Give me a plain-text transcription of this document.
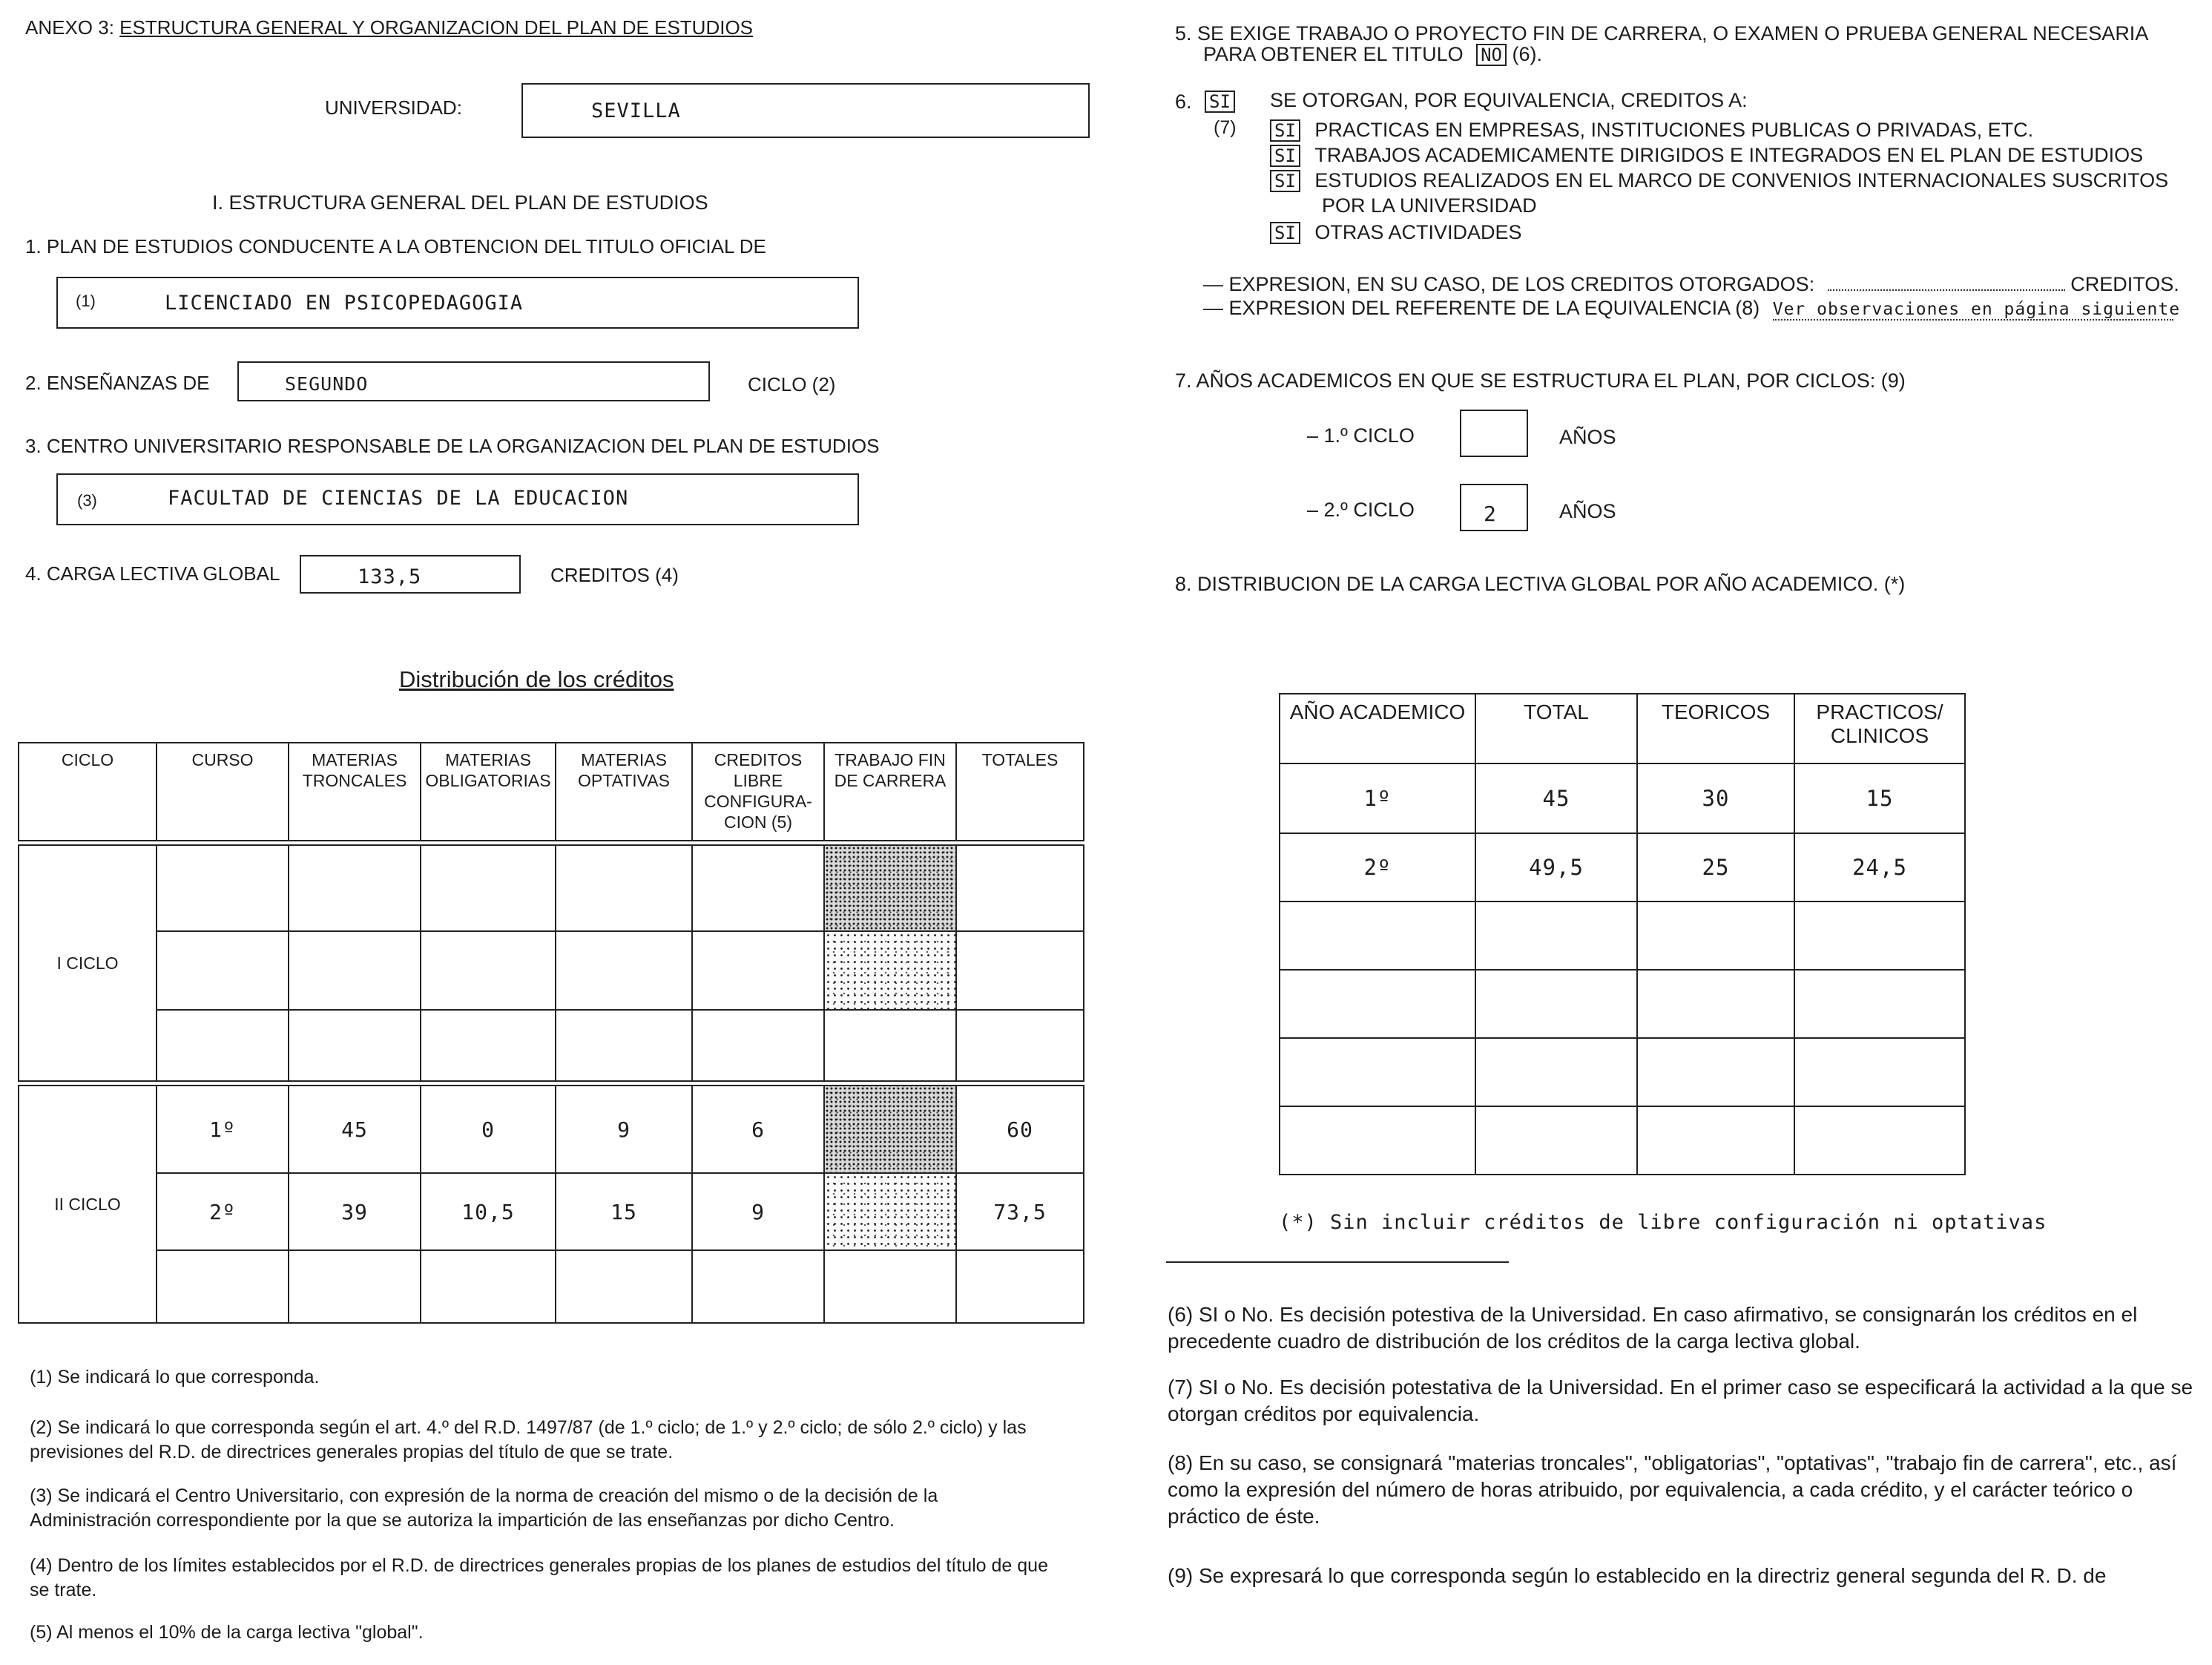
ANEXO 3: ESTRUCTURA GENERAL Y ORGANIZACION DEL PLAN DE ESTUDIOS
UNIVERSIDAD:	SEVILLA
I. ESTRUCTURA GENERAL DEL PLAN DE ESTUDIOS
1. PLAN DE ESTUDIOS CONDUCENTE A LA OBTENCION DEL TITULO OFICIAL DE
(1)	LICENCIADO EN PSICOPEDAGOGIA
2. ENSEÑANZAS DE	SEGUNDO	CICLO (2)
3. CENTRO UNIVERSITARIO RESPONSABLE DE LA ORGANIZACION DEL PLAN DE ESTUDIOS
(3)	FACULTAD DE CIENCIAS DE LA EDUCACION
4. CARGA LECTIVA GLOBAL	133,5	CREDITOS (4)
Distribución de los créditos
CICLO	CURSO	MATERIAS TRONCALES	MATERIAS OBLIGATORIAS	MATERIAS OPTATIVAS	CREDITOS LIBRE CONFIGURA- CION (5)	TRABAJO FIN DE CARRERA	TOTALES

I CICLO							

II CICLO	1º	45	0	9	6		60
	2º	39	10,5	15	9		73,5

(1) Se indicará lo que corresponda.
(2) Se indicará lo que corresponda según el art. 4.º del R.D. 1497/87 (de 1.º ciclo; de 1.º y 2.º ciclo; de sólo 2.º ciclo) y las previsiones del R.D. de directrices generales propias del título de que se trate.
(3) Se indicará el Centro Universitario, con expresión de la norma de creación del mismo o de la decisión de la Administración correspondiente por la que se autoriza la impartición de las enseñanzas por dicho Centro.
(4) Dentro de los límites establecidos por el R.D. de directrices generales propias de los planes de estudios del título de que se trate.
(5) Al menos el 10% de la carga lectiva "global".
5. SE EXIGE TRABAJO O PROYECTO FIN DE CARRERA, O EXAMEN O PRUEBA GENERAL NECESARIA
PARA OBTENER EL TITULO NO (6).
6. SI
(7)
SE OTORGAN, POR EQUIVALENCIA, CREDITOS A:
SI PRACTICAS EN EMPRESAS, INSTITUCIONES PUBLICAS O PRIVADAS, ETC.
SI TRABAJOS ACADEMICAMENTE DIRIGIDOS E INTEGRADOS EN EL PLAN DE ESTUDIOS
SI ESTUDIOS REALIZADOS EN EL MARCO DE CONVENIOS INTERNACIONALES SUSCRITOS
POR LA UNIVERSIDAD
SI OTRAS ACTIVIDADES
— EXPRESION, EN SU CASO, DE LOS CREDITOS OTORGADOS:	CREDITOS.
— EXPRESION DEL REFERENTE DE LA EQUIVALENCIA (8) Ver observaciones en página siguiente
7. AÑOS ACADEMICOS EN QUE SE ESTRUCTURA EL PLAN, POR CICLOS: (9)
– 1.º CICLO	AÑOS
– 2.º CICLO	2	AÑOS
8. DISTRIBUCION DE LA CARGA LECTIVA GLOBAL POR AÑO ACADEMICO. (*)
AÑO ACADEMICO	TOTAL	TEORICOS	PRACTICOS/ CLINICOS
1º	45	30	15
2º	49,5	25	24,5

(*) Sin incluir créditos de libre configuración ni optativas
(6) SI o No. Es decisión potestiva de la Universidad. En caso afirmativo, se consignarán los créditos en el precedente cuadro de distribución de los créditos de la carga lectiva global.
(7) SI o No. Es decisión potestativa de la Universidad. En el primer caso se especificará la actividad a la que se otorgan créditos por equivalencia.
(8) En su caso, se consignará "materias troncales", "obligatorias", "optativas", "trabajo fin de carrera", etc., así como la expresión del número de horas atribuido, por equivalencia, a cada crédito, y el carácter teórico o práctico de éste.
(9) Se expresará lo que corresponda según lo establecido en la directriz general segunda del R. D. de
